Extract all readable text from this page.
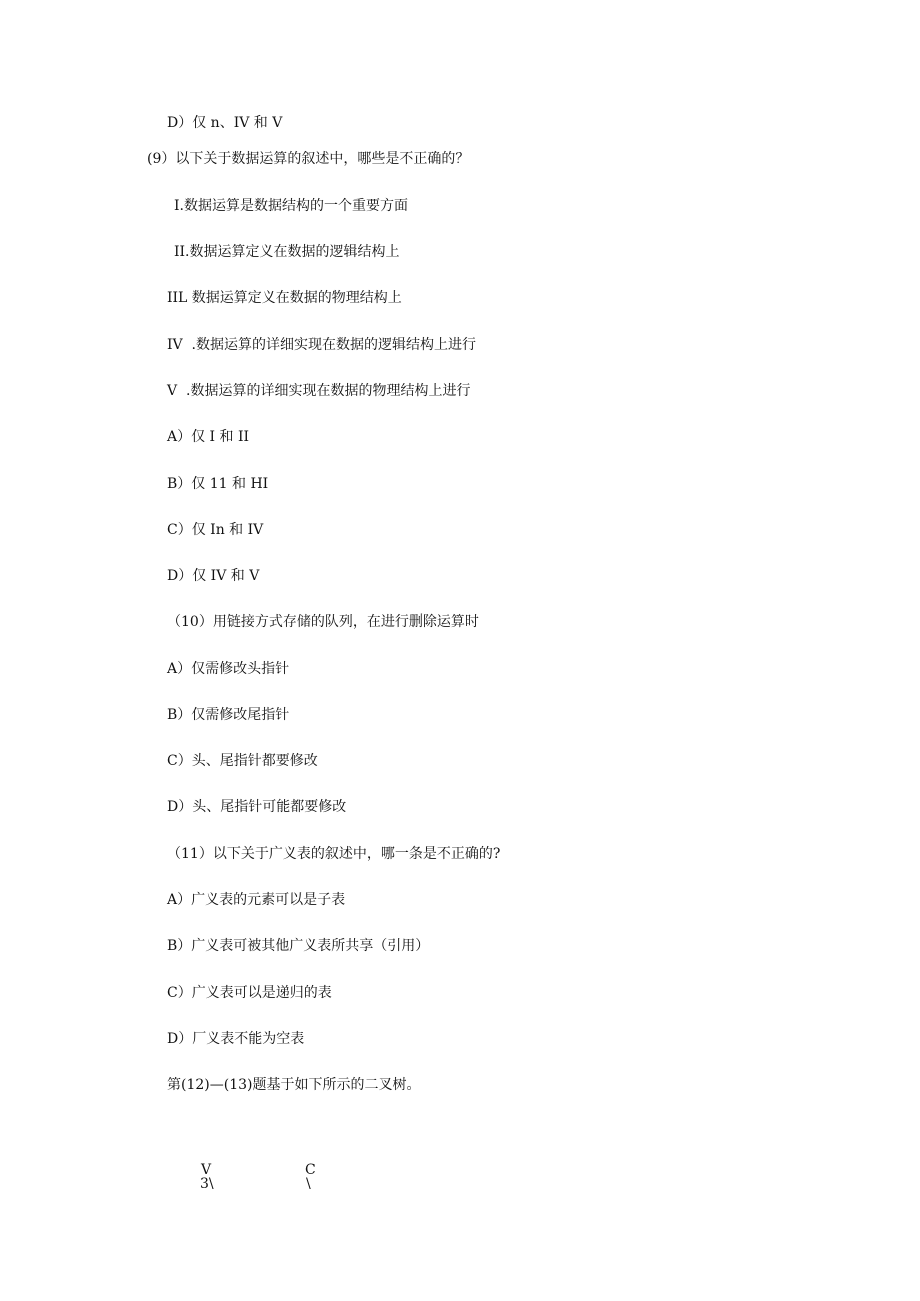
D）仅 n、IV 和 V
(9）以下关于数据运算的叙述中，哪些是不正确的？
I.数据运算是数据结构的一个重要方面
II.数据运算定义在数据的逻辑结构上
IIL 数据运算定义在数据的物理结构上
IV  .数据运算的详细实现在数据的逻辑结构上进行
V  .数据运算的详细实现在数据的物理结构上进行
A）仅 I 和 II
B）仅 11 和 HI
C）仅 In 和 IV
D）仅 IV 和 V
（10）用链接方式存储的队列，在进行删除运算时
A）仅需修改头指针
B）仅需修改尾指针
C）头、尾指针都要修改
D）头、尾指针可能都要修改
（11）以下关于广义表的叙述中，哪一条是不正确的?
A）广义表的元素可以是子表
B）广义表可被其他广义表所共享（引用）
C）广义表可以是递归的表
D）厂义表不能为空表
第(12)—(13)题基于如下所示的二叉树。
V
3\
C
\
